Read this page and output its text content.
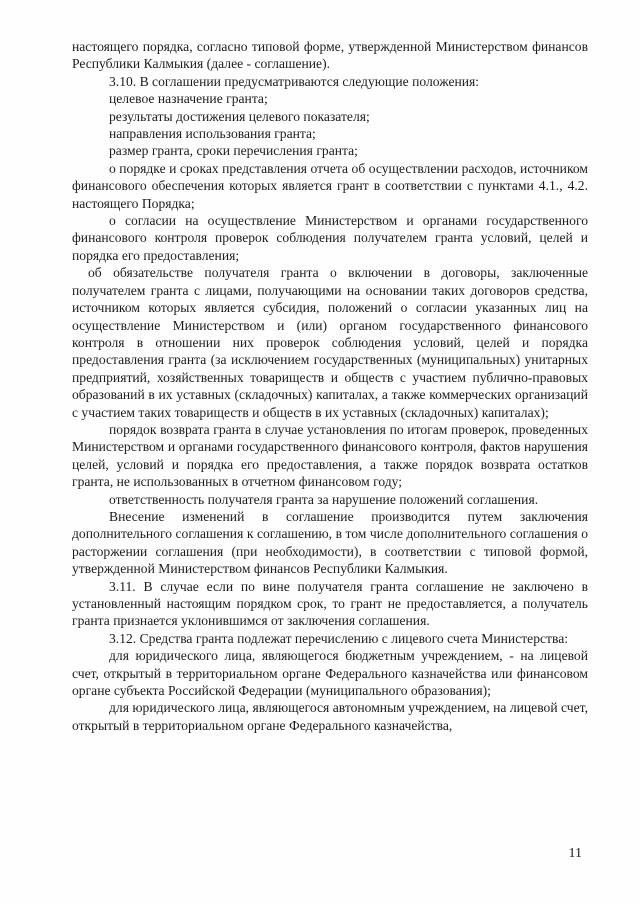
настоящего порядка, согласно типовой форме, утвержденной Министерством финансов Республики Калмыкия (далее - соглашение).

3.10. В соглашении предусматриваются следующие положения:

целевое назначение гранта;

результаты достижения целевого показателя;

направления использования гранта;

размер гранта, сроки перечисления гранта;

о порядке и сроках представления отчета об осуществлении расходов, источником финансового обеспечения которых является грант в соответствии с пунктами 4.1., 4.2. настоящего Порядка;

о согласии на осуществление Министерством и органами государственного финансового контроля проверок соблюдения получателем гранта условий, целей и порядка его предоставления;

об обязательстве получателя гранта о включении в договоры, заключенные получателем гранта с лицами, получающими на основании таких договоров средства, источником которых является субсидия, положений о согласии указанных лиц на осуществление Министерством и (или) органом государственного финансового контроля в отношении них проверок соблюдения условий, целей и порядка предоставления гранта (за исключением государственных (муниципальных) унитарных предприятий, хозяйственных товариществ и обществ с участием публично-правовых образований в их уставных (складочных) капиталах, а также коммерческих организаций с участием таких товариществ и обществ в их уставных (складочных) капиталах);

порядок возврата гранта в случае установления по итогам проверок, проведенных Министерством и органами государственного финансового контроля, фактов нарушения целей, условий и порядка его предоставления, а также порядок возврата остатков гранта, не использованных в отчетном финансовом году;

ответственность получателя гранта за нарушение положений соглашения.

Внесение изменений в соглашение производится путем заключения дополнительного соглашения к соглашению, в том числе дополнительного соглашения о расторжении соглашения (при необходимости), в соответствии с типовой формой, утвержденной Министерством финансов Республики Калмыкия.

3.11. В случае если по вине получателя гранта соглашение не заключено в установленный настоящим порядком срок, то грант не предоставляется, а получатель гранта признается уклонившимся от заключения соглашения.

3.12. Средства гранта подлежат перечислению с лицевого счета Министерства:

для юридического лица, являющегося бюджетным учреждением, - на лицевой счет, открытый в территориальном органе Федерального казначейства или финансовом органе субъекта Российской Федерации (муниципального образования);

для юридического лица, являющегося автономным учреждением, на лицевой счет, открытый в территориальном органе Федерального казначейства,

11
